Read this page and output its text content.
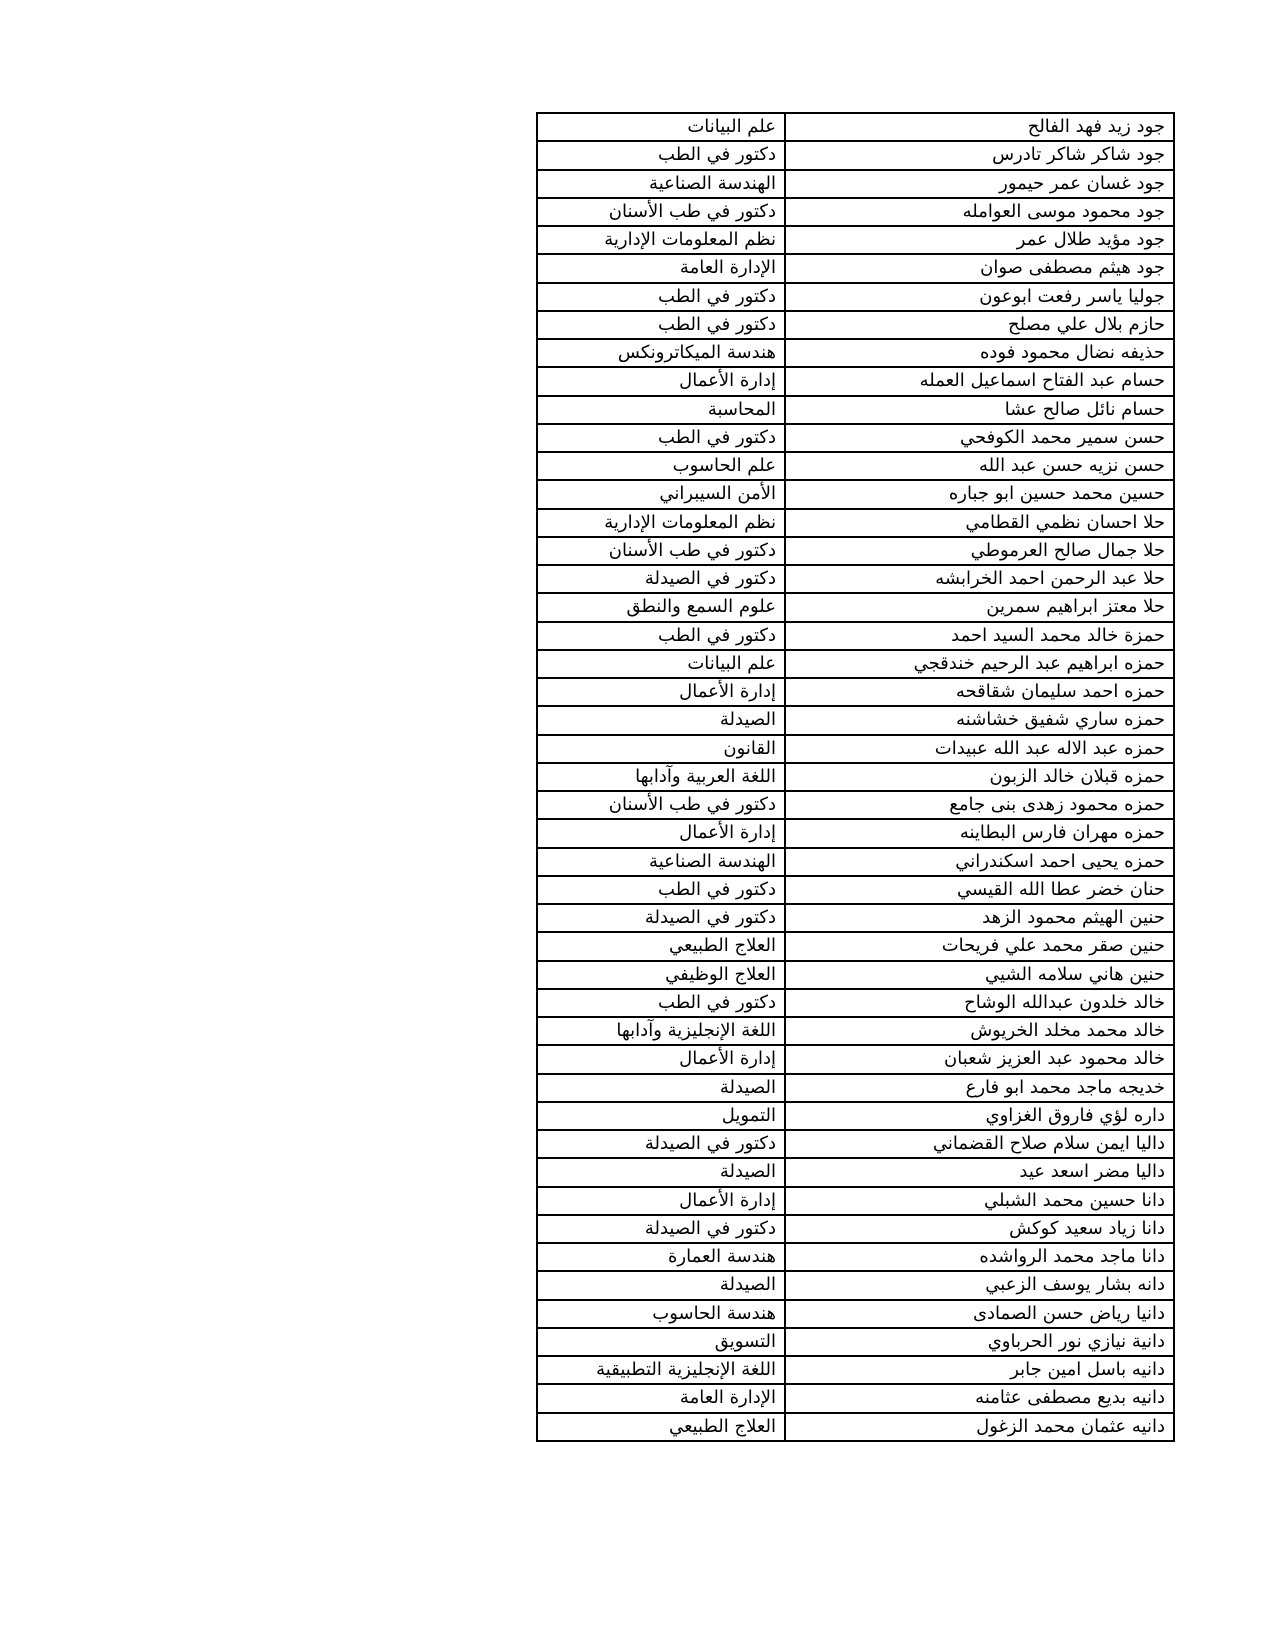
جود زيد فهد الفالح	علم البيانات
جود شاكر شاكر تادرس	دكتور في الطب
جود غسان عمر حيمور	الهندسة الصناعية
جود محمود موسى العوامله	دكتور في طب الأسنان
جود مؤيد طلال عمر	نظم المعلومات الإدارية
جود هيثم مصطفى صوان	الإدارة العامة
جوليا ياسر رفعت ابوعون	دكتور في الطب
حازم بلال علي مصلح	دكتور في الطب
حذيفه نضال محمود فوده	هندسة الميكاترونكس
حسام عبد الفتاح اسماعيل العمله	إدارة الأعمال
حسام نائل صالح عشا	المحاسبة
حسن سمير محمد الكوفحي	دكتور في الطب
حسن نزيه حسن عبد الله	علم الحاسوب
حسين محمد حسين ابو جباره	الأمن السيبراني
حلا احسان نظمي القطامي	نظم المعلومات الإدارية
حلا جمال صالح العرموطي	دكتور في طب الأسنان
حلا عبد الرحمن احمد الخرابشه	دكتور في الصيدلة
حلا معتز ابراهيم سمرين	علوم السمع والنطق
حمزة خالد محمد السيد احمد	دكتور في الطب
حمزه ابراهيم عبد الرحيم خندقجي	علم البيانات
حمزه احمد سليمان شقاقحه	إدارة الأعمال
حمزه ساري شفيق خشاشنه	الصيدلة
حمزه عبد الاله عبد الله عبيدات	القانون
حمزه قبلان خالد الزبون	اللغة العربية وآدابها
حمزه محمود زهدى بنى جامع	دكتور في طب الأسنان
حمزه مهران فارس البطاينه	إدارة الأعمال
حمزه يحيى احمد اسكندراني	الهندسة الصناعية
حنان خضر عطا الله القيسي	دكتور في الطب
حنين الهيثم محمود الزهد	دكتور في الصيدلة
حنين صقر محمد علي فريحات	العلاج الطبيعي
حنين هاني سلامه الشيي	العلاج الوظيفي
خالد خلدون عبدالله الوشاح	دكتور في الطب
خالد محمد مخلد الخريوش	اللغة الإنجليزية وآدابها
خالد محمود عبد العزيز شعبان	إدارة الأعمال
خديجه ماجد محمد ابو فارع	الصيدلة
داره لؤي فاروق الغزاوي	التمويل
داليا ايمن سلام صلاح القضماني	دكتور في الصيدلة
داليا مضر اسعد عيد	الصيدلة
دانا حسين محمد الشبلي	إدارة الأعمال
دانا زياد سعيد كوكش	دكتور في الصيدلة
دانا ماجد محمد الرواشده	هندسة العمارة
دانه بشار يوسف الزعبي	الصيدلة
دانيا رياض حسن الصمادى	هندسة الحاسوب
دانية نيازي نور الحرباوي	التسويق
دانيه باسل امين جابر	اللغة الإنجليزية التطبيقية
دانيه بديع مصطفى عثامنه	الإدارة العامة
دانيه عثمان محمد الزغول	العلاج الطبيعي
